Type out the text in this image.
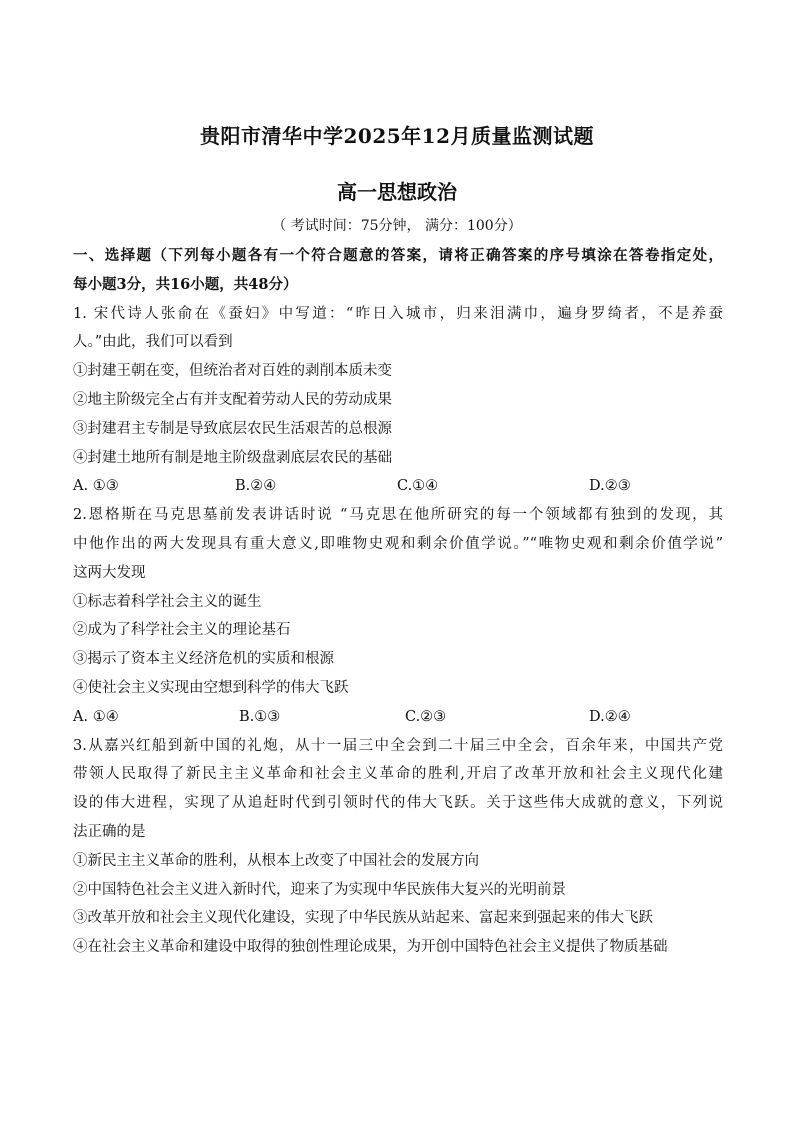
贵阳市清华中学2025年12月质量监测试题
高一思想政治
（ 考试时间：75分钟， 满分：100分）
一、选择题（下列每小题各有一个符合题意的答案，请将正确答案的序号填涂在答卷指定处，
每小题3分，共16小题，共48分）
1. 宋代诗人张俞在《蚕妇》中写道：“昨日入城市，归来泪满巾，遍身罗绮者，不是养蚕
人。”由此，我们可以看到
①封建王朝在变，但统治者对百姓的剥削本质未变
②地主阶级完全占有并支配着劳动人民的劳动成果
③封建君主专制是导致底层农民生活艰苦的总根源
④封建土地所有制是地主阶级盘剥底层农民的基础
A. ①③	B.②④	C.①④	D.②③
2.恩格斯在马克思墓前发表讲话时说 “马克思在他所研究的每一个领域都有独到的发现，其
中他作出的两大发现具有重大意义,即唯物史观和剩余价值学说。”“唯物史观和剩余价值学说”
这两大发现
①标志着科学社会主义的诞生
②成为了科学社会主义的理论基石
③揭示了资本主义经济危机的实质和根源
④使社会主义实现由空想到科学的伟大飞跃
A. ①④	B.①③	C.②③	D.②④
3.从嘉兴红船到新中国的礼炮，从十一届三中全会到二十届三中全会，百余年来，中国共产党
带领人民取得了新民主主义革命和社会主义革命的胜利,开启了改革开放和社会主义现代化建
设的伟大进程，实现了从追赶时代到引领时代的伟大飞跃。关于这些伟大成就的意义，下列说
法正确的是
①新民主主义革命的胜利，从根本上改变了中国社会的发展方向
②中国特色社会主义进入新时代，迎来了为实现中华民族伟大复兴的光明前景
③改革开放和社会主义现代化建设，实现了中华民族从站起来、富起来到强起来的伟大飞跃
④在社会主义革命和建设中取得的独创性理论成果，为开创中国特色社会主义提供了物质基础
